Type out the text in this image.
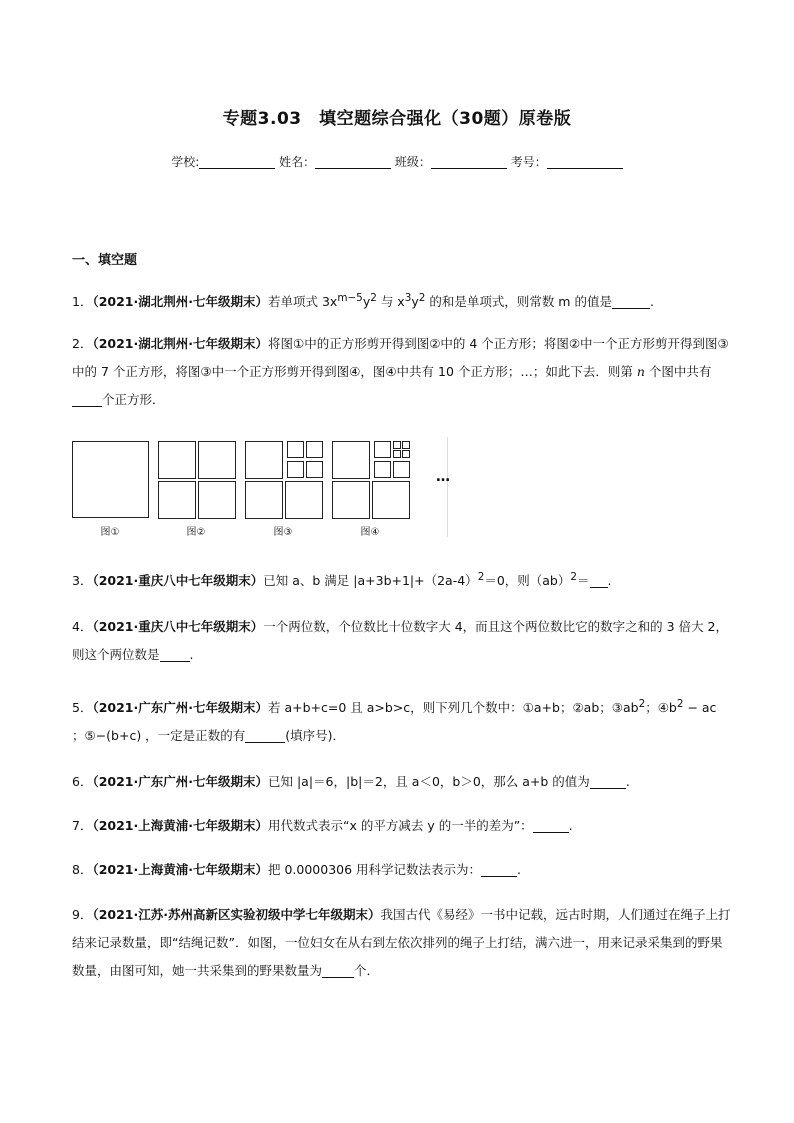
专题3.03　填空题综合强化（30题）原卷版
学校:	姓名：	班级：	考号：
一、填空题
1．（2021·湖北荆州·七年级期末）若单项式 $3x^{m-5}y^2$ 与 $x^3y^2$ 的和是单项式，则常数 m 的值是	.
2．（2021·湖北荆州·七年级期末）将图①中的正方形剪开得到图②中的 4 个正方形；将图②中一个正方形剪开得到图③中的 7 个正方形，将图③中一个正方形剪开得到图④，图④中共有 10 个正方形；…；如此下去．则第 n 个图中共有个正方形．
…
图①	图②	图③	图④
3．（2021·重庆八中七年级期末）已知 a、b 满足 $|a+3b+1|+(2a-4)^2=0$，则（ab）$^2$＝ .
4．（2021·重庆八中七年级期末）一个两位数，个位数比十位数字大 4，而且这个两位数比它的数字之和的 3 倍大 2，则这个两位数是 .
5．（2021·广东广州·七年级期末）若 a+b+c=0 且 a>b>c，则下列几个数中：①a+b；②ab；$③ab^2$；$④b^2$ − ac ；⑤−(b+c) ，一定是正数的有	(填序号)．
6．（2021·广东广州·七年级期末）已知 |a|＝6，|b|＝2，且 a＜0，b＞0，那么 a+b 的值为	.
7．（2021·上海黄浦·七年级期末）用代数式表示“x 的平方减去 y 的一半的差为”：	.
8．（2021·上海黄浦·七年级期末）把 0.0000306 用科学记数法表示为：	.
9．（2021·江苏·苏州高新区实验初级中学七年级期末）我国古代《易经》一书中记载，远古时期，人们通过在绳子上打结来记录数量，即“结绳记数”．如图，一位妇女在从右到左依次排列的绳子上打结，满六进一，用来记录采集到的野果数量，由图可知，她一共采集到的野果数量为	个．
